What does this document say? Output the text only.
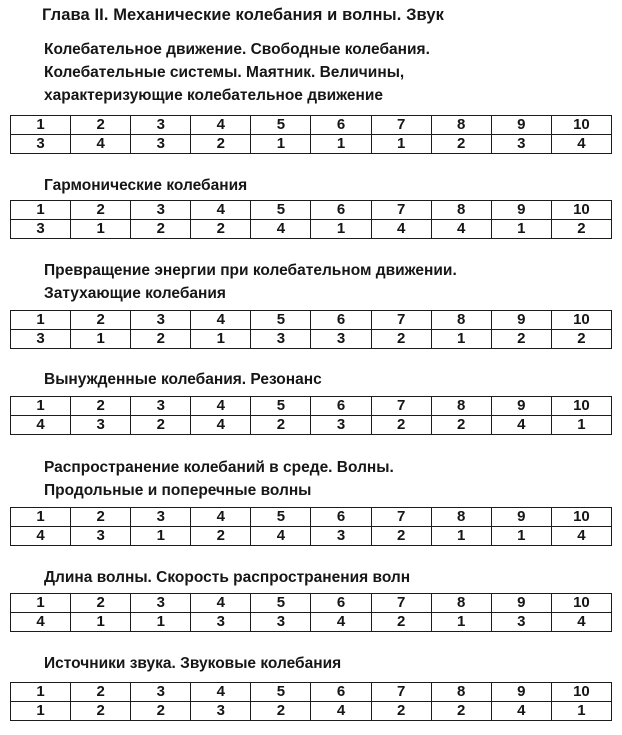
Глава II. Механические колебания и волны. Звук
Колебательное движение. Свободные колебания.
Колебательные системы. Маятник. Величины,
характеризующие колебательное движение
1	2	3	4	5	6	7	8	9	10
3	4	3	2	1	1	1	2	3	4
Гармонические колебания
1	2	3	4	5	6	7	8	9	10
3	1	2	2	4	1	4	4	1	2
Превращение энергии при колебательном движении.
Затухающие колебания
1	2	3	4	5	6	7	8	9	10
3	1	2	1	3	3	2	1	2	2
Вынужденные колебания. Резонанс
1	2	3	4	5	6	7	8	9	10
4	3	2	4	2	3	2	2	4	1
Распространение колебаний в среде. Волны.
Продольные и поперечные волны
1	2	3	4	5	6	7	8	9	10
4	3	1	2	4	3	2	1	1	4
Длина волны. Скорость распространения волн
1	2	3	4	5	6	7	8	9	10
4	1	1	3	3	4	2	1	3	4
Источники звука. Звуковые колебания
1	2	3	4	5	6	7	8	9	10
1	2	2	3	2	4	2	2	4	1
